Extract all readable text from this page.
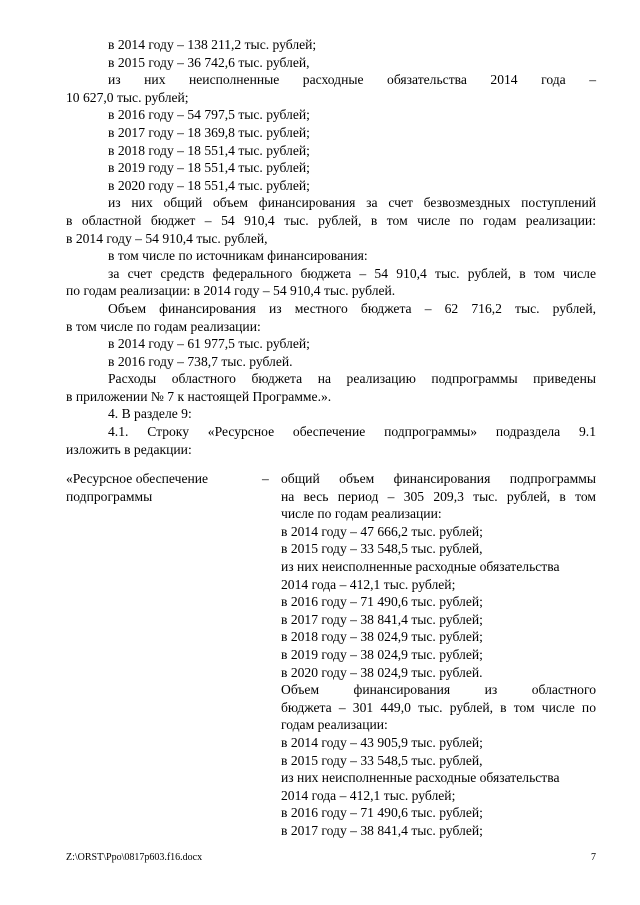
в 2014 году – 138 211,2 тыс. рублей;
в 2015 году – 36 742,6 тыс. рублей,
из них неисполненные расходные обязательства 2014 года –
10 627,0 тыс. рублей;
в 2016 году – 54 797,5 тыс. рублей;
в 2017 году – 18 369,8 тыс. рублей;
в 2018 году – 18 551,4 тыс. рублей;
в 2019 году – 18 551,4 тыс. рублей;
в 2020 году – 18 551,4 тыс. рублей;
из них общий объем финансирования за счет безвозмездных поступлений
в областной бюджет – 54 910,4 тыс. рублей, в том числе по годам реализации:
в 2014 году – 54 910,4 тыс. рублей,
в том числе по источникам финансирования:
за счет средств федерального бюджета – 54 910,4 тыс. рублей, в том числе
по годам реализации: в 2014 году – 54 910,4 тыс. рублей.
Объем финансирования из местного бюджета – 62 716,2 тыс. рублей,
в том числе по годам реализации:
в 2014 году – 61 977,5 тыс. рублей;
в 2016 году – 738,7 тыс. рублей.
Расходы областного бюджета на реализацию подпрограммы приведены
в приложении № 7 к настоящей Программе.».
4. В разделе 9:
4.1. Строку «Ресурсное обеспечение подпрограммы» подраздела 9.1
изложить в редакции:
«Ресурсное обеспечение
подпрограммы
– общий объем финансирования подпрограммы
на весь период – 305 209,3 тыс. рублей, в том
числе по годам реализации:
в 2014 году – 47 666,2 тыс. рублей;
в 2015 году – 33 548,5 тыс. рублей,
из них неисполненные расходные обязательства
2014 года – 412,1 тыс. рублей;
в 2016 году – 71 490,6 тыс. рублей;
в 2017 году – 38 841,4 тыс. рублей;
в 2018 году – 38 024,9 тыс. рублей;
в 2019 году – 38 024,9 тыс. рублей;
в 2020 году – 38 024,9 тыс. рублей.
Объем финансирования из областного
бюджета – 301 449,0 тыс. рублей, в том числе по
годам реализации:
в 2014 году – 43 905,9 тыс. рублей;
в 2015 году – 33 548,5 тыс. рублей,
из них неисполненные расходные обязательства
2014 года – 412,1 тыс. рублей;
в 2016 году – 71 490,6 тыс. рублей;
в 2017 году – 38 841,4 тыс. рублей;
Z:\ORST\Ppo\0817p603.f16.docx	7
